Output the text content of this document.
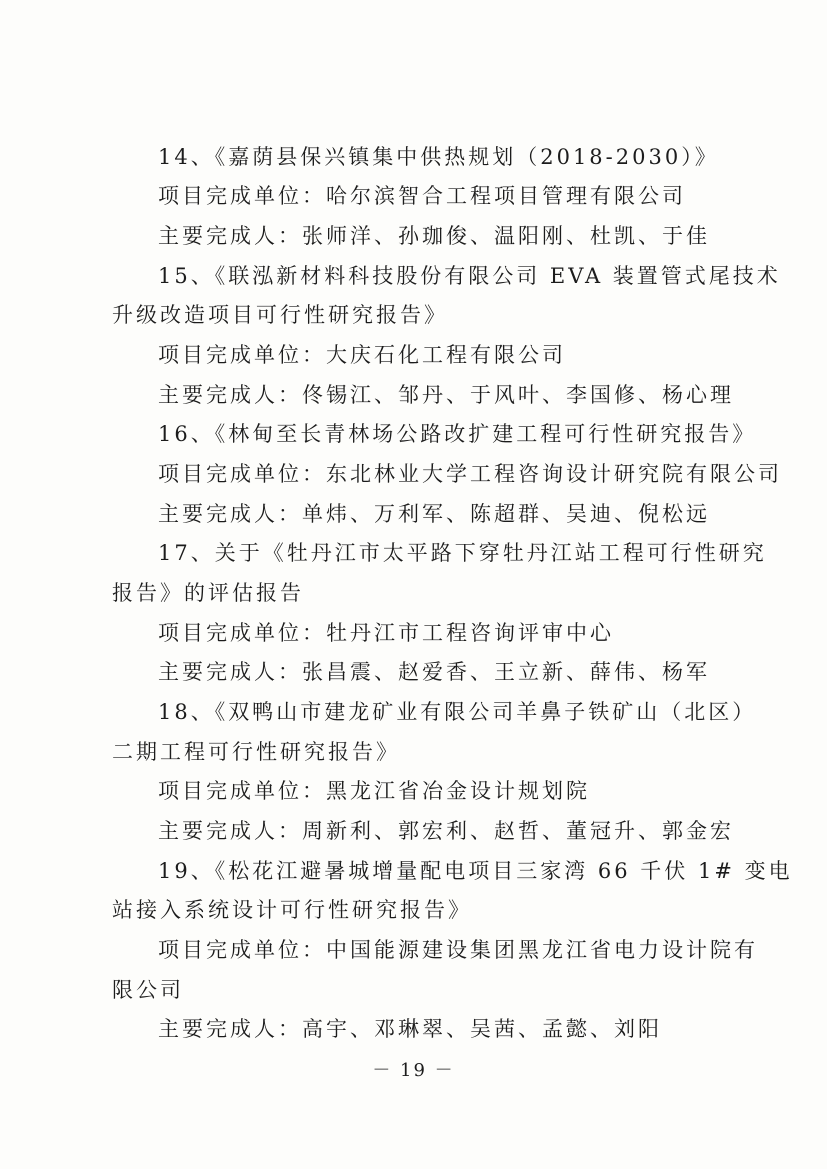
14、《嘉荫县保兴镇集中供热规划（2018-2030）》
项目完成单位：哈尔滨智合工程项目管理有限公司
主要完成人：张师洋、孙珈俊、温阳刚、杜凯、于佳
15、《联泓新材料科技股份有限公司 EVA 装置管式尾技术
升级改造项目可行性研究报告》
项目完成单位：大庆石化工程有限公司
主要完成人：佟锡江、邹丹、于风叶、李国修、杨心理
16、《林甸至长青林场公路改扩建工程可行性研究报告》
项目完成单位：东北林业大学工程咨询设计研究院有限公司
主要完成人：单炜、万利军、陈超群、吴迪、倪松远
17、关于《牡丹江市太平路下穿牡丹江站工程可行性研究
报告》的评估报告
项目完成单位：牡丹江市工程咨询评审中心
主要完成人：张昌震、赵爱香、王立新、薛伟、杨军
18、《双鸭山市建龙矿业有限公司羊鼻子铁矿山（北区）
二期工程可行性研究报告》
项目完成单位：黑龙江省冶金设计规划院
主要完成人：周新利、郭宏利、赵哲、董冠升、郭金宏
19、《松花江避暑城增量配电项目三家湾 66 千伏 1# 变电
站接入系统设计可行性研究报告》
项目完成单位：中国能源建设集团黑龙江省电力设计院有
限公司
主要完成人：高宇、邓琳翠、吴茜、孟懿、刘阳
－ 19 －
